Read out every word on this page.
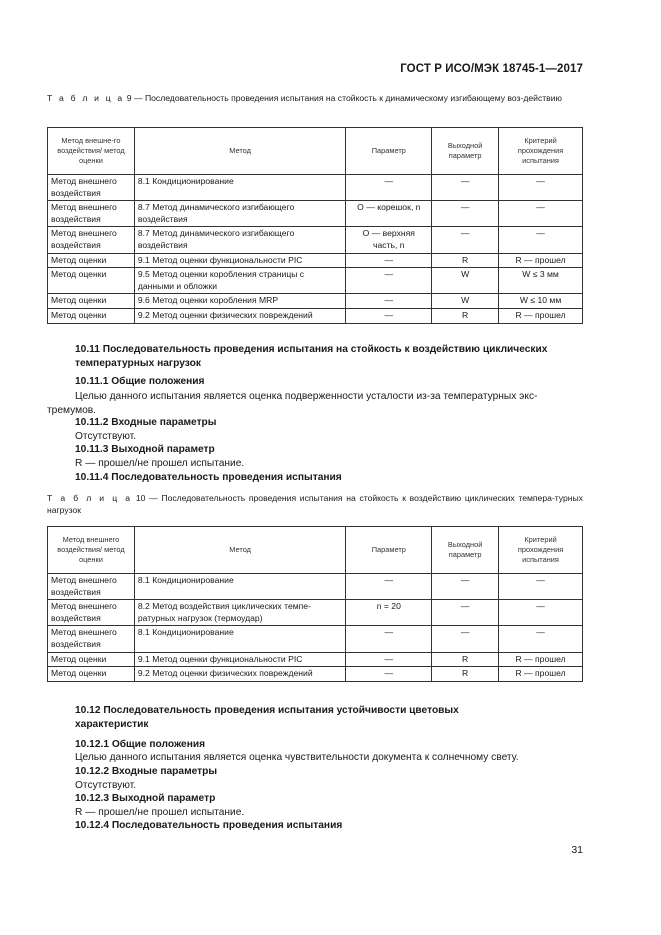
ГОСТ Р ИСО/МЭК 18745-1—2017
Т а б л и ц а 9 — Последовательность проведения испытания на стойкость к динамическому изгибающему воз-действию
Метод внешне-го воздействия/ метод оценки	Метод	Параметр	Выходной параметр	Критерий прохождения испытания
Метод внешнего воздействия	8.1 Кондиционирование	—	—	—
Метод внешнего воздействия	8.7 Метод динамического изгибающего воздействия	O — корешок, n	—	—
Метод внешнего воздействия	8.7 Метод динамического изгибающего воздействия	O — верхняя часть, n	—	—
Метод оценки	9.1 Метод оценки функциональности PIC	—	R	R — прошел
Метод оценки	9.5 Метод оценки коробления страницы с данными и обложки	—	W	W ≤ 3 мм
Метод оценки	9.6 Метод оценки коробления MRP	—	W	W ≤ 10 мм
Метод оценки	9.2 Метод оценки физических повреждений	—	R	R — прошел
10.11 Последовательность проведения испытания на стойкость к воздействию циклических температурных нагрузок
10.11.1 Общие положения
Целью данного испытания является оценка подверженности усталости из-за температурных экс-тремумов.
10.11.2 Входные параметры
Отсутствуют.
10.11.3 Выходной параметр
R — прошел/не прошел испытание.
10.11.4 Последовательность проведения испытания
Т а б л и ц а 10 — Последовательность проведения испытания на стойкость к воздействию циклических темпера-турных нагрузок
Метод внешнего воздействия/ метод оценки	Метод	Параметр	Выходной параметр	Критерий прохождения испытания
Метод внешнего воздействия	8.1 Кондиционирование	—	—	—
Метод внешнего воздействия	8.2 Метод воздействия циклических темпе-ратурных нагрузок (термоудар)	n = 20	—	—
Метод внешнего воздействия	8.1 Кондиционирование	—	—	—
Метод оценки	9.1 Метод оценки функциональности PIC	—	R	R — прошел
Метод оценки	9.2 Метод оценки физических повреждений	—	R	R — прошел
10.12 Последовательность проведения испытания устойчивости цветовых характеристик
10.12.1 Общие положения
Целью данного испытания является оценка чувствительности документа к солнечному свету.
10.12.2 Входные параметры
Отсутствуют.
10.12.3 Выходной параметр
R — прошел/не прошел испытание.
10.12.4 Последовательность проведения испытания
31
